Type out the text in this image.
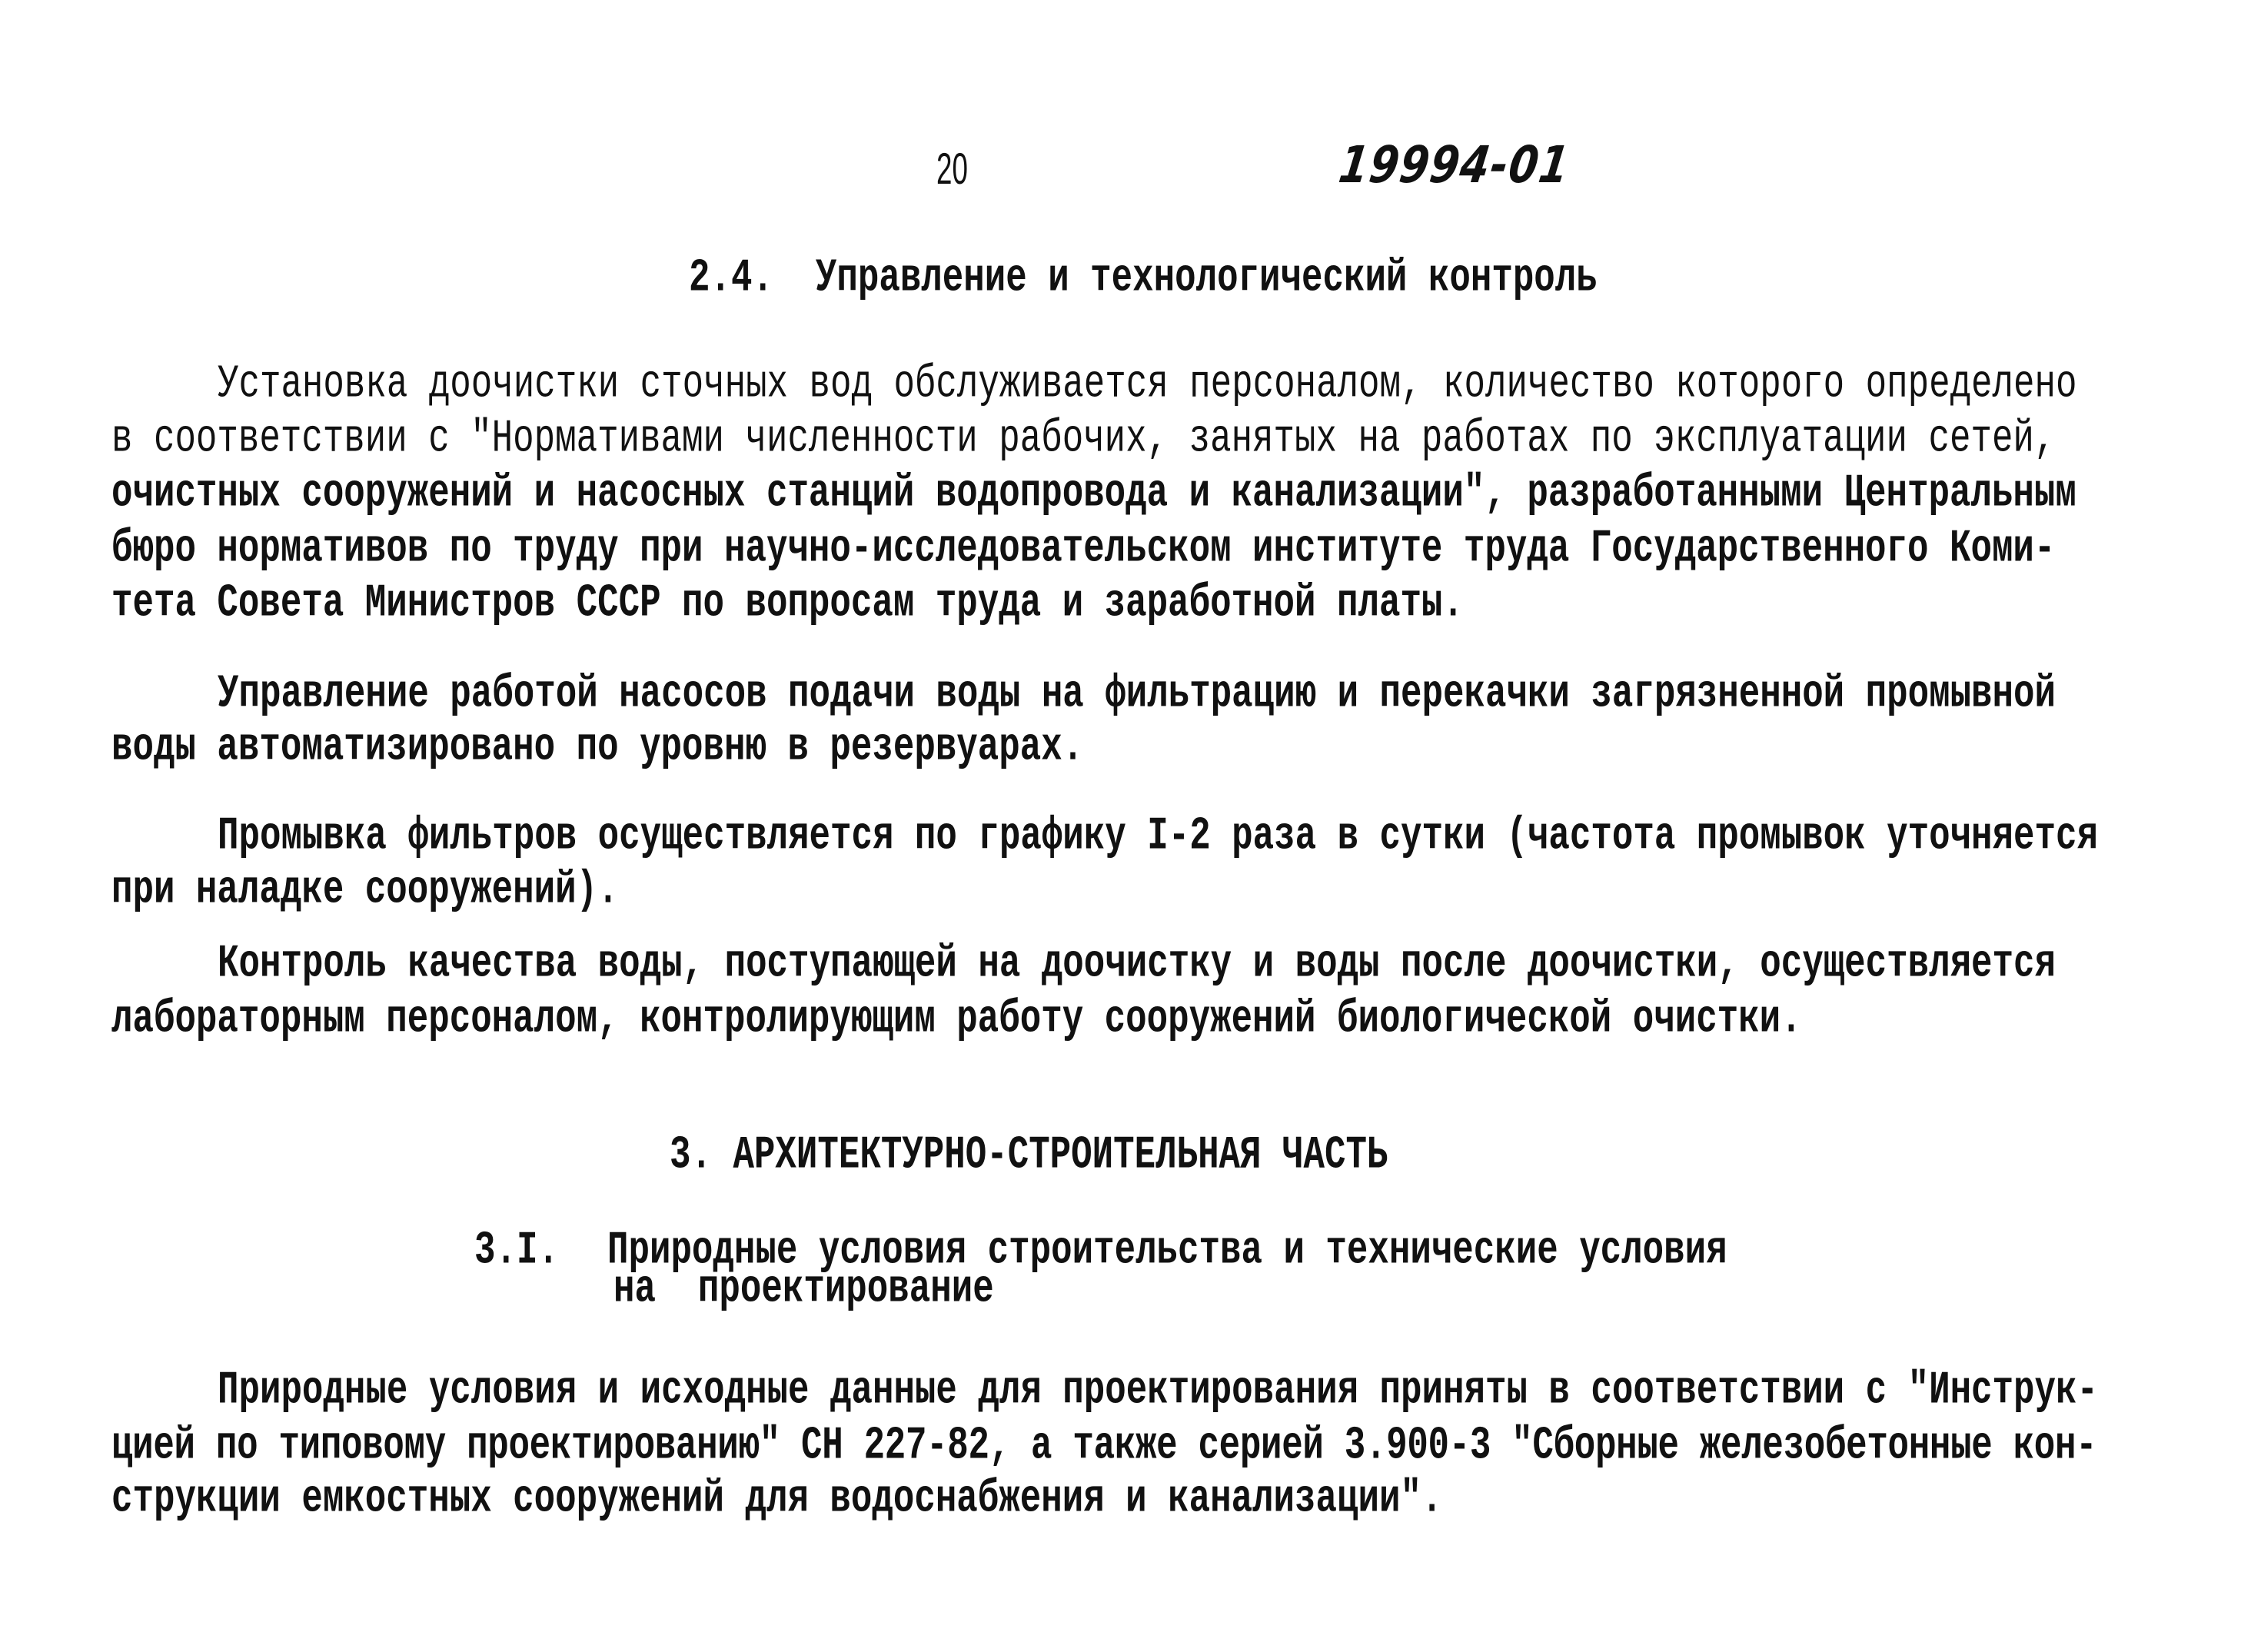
20	19994-01
2.4.  Управление и технологический контроль
Установка доочистки сточных вод обслуживается персоналом, количество которого определено
в соответствии с "Нормативами численности рабочих, занятых на работах по эксплуатации сетей,
очистных сооружений и насосных станций водопровода и канализации", разработанными Центральным
бюро нормативов по труду при научно-исследовательском институте труда Государственного Коми-
тета Совета Министров СССР по вопросам труда и заработной платы.
Управление работой насосов подачи воды на фильтрацию и перекачки загрязненной промывной
воды автоматизировано по уровню в резервуарах.
Промывка фильтров осуществляется по графику I-2 раза в сутки (частота промывок уточняется
при наладке сооружений).
Контроль качества воды, поступающей на доочистку и воды после доочистки, осуществляется
лабораторным персоналом, контролирующим работу сооружений биологической очистки.
3. АРХИТЕКТУРНО-СТРОИТЕЛЬНАЯ ЧАСТЬ
3.I. Природные условия строительства и технические условия
на  проектирование
Природные условия и исходные данные для проектирования приняты в соответствии с "Инструк-
цией по типовому проектированию" СН 227-82, а также серией 3.900-3 "Сборные железобетонные кон-
струкции емкостных сооружений для водоснабжения и канализации".
